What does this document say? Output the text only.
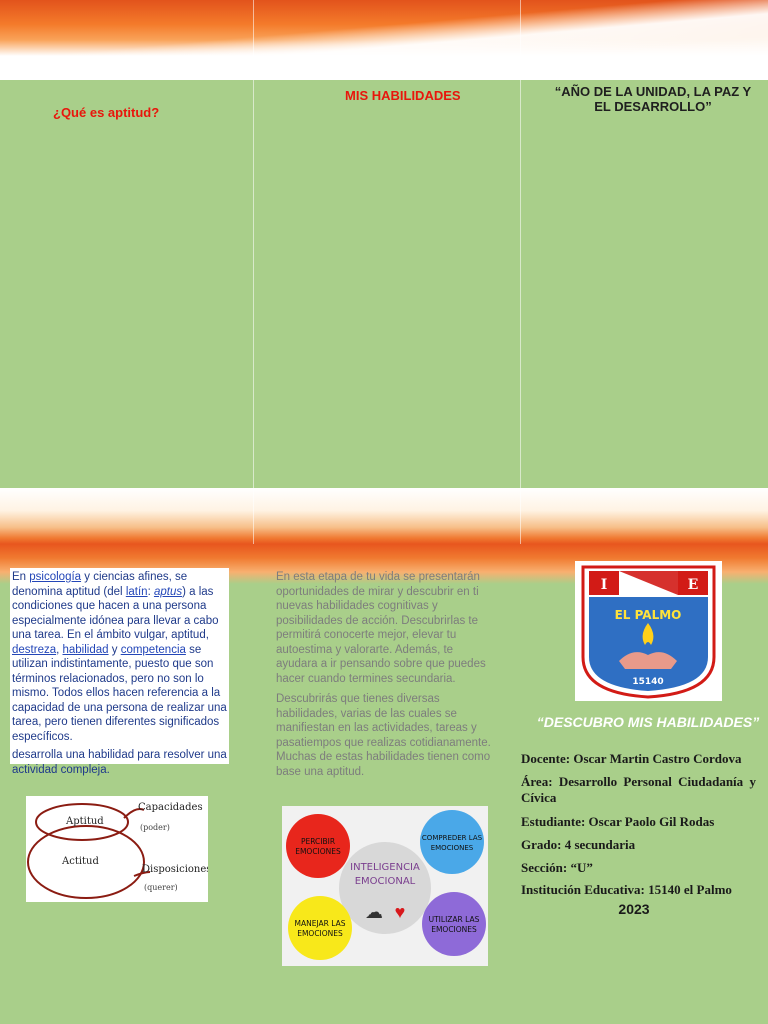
¿Qué es aptitud?
MIS HABILIDADES	“AÑO DE LA UNIDAD, LA PAZ Y
EL DESARROLLO”
En psicología y ciencias afines, se denomina aptitud (del latín: aptus) a las condiciones que hacen a una persona especialmente idónea para llevar a cabo una tarea. En el ámbito vulgar, aptitud, destreza, habilidad y competencia se utilizan indistintamente, puesto que son términos relacionados, pero no son lo mismo. Todos ellos hacen referencia a la capacidad de una persona de realizar una tarea, pero tienen diferentes significados específicos.
desarrolla una habilidad para resolver una actividad compleja.
Aptitud
Actitud
Capacidades
(poder)
Disposiciones
(querer)

En esta etapa de tu vida se presentarán oportunidades de mirar y descubrir en ti nuevas habilidades cognitivas y posibilidades de acción. Descubrirlas te permitirá conocerte mejor, elevar tu autoestima y valorarte. Además, te ayudara a ir pensando sobre que puedes hacer cuando termines secundaria.

Descubrirás que tienes diversas habilidades, varias de las cuales se manifiestan en las actividades, tareas y pasatiempos que realizas cotidianamente. Muchas de estas habilidades tienen como base una aptitud.

INTELIGENCIA
EMOCIONAL
☁ ♥
PERCIBIR
EMOCIONES
COMPREDER LAS
EMOCIONES
MANEJAR LAS
EMOCIONES
UTILIZAR LAS
EMOCIONES
I	E
EL PALMO
15140
“DESCUBRO MIS HABILIDADES”
Docente: Oscar Martin Castro Cordova
Área: Desarrollo Personal Ciudadanía y Cívica
Estudiante: Oscar Paolo Gil Rodas
Grado: 4 secundaria
Sección: “U”
Institución Educativa: 15140 el Palmo
2023
